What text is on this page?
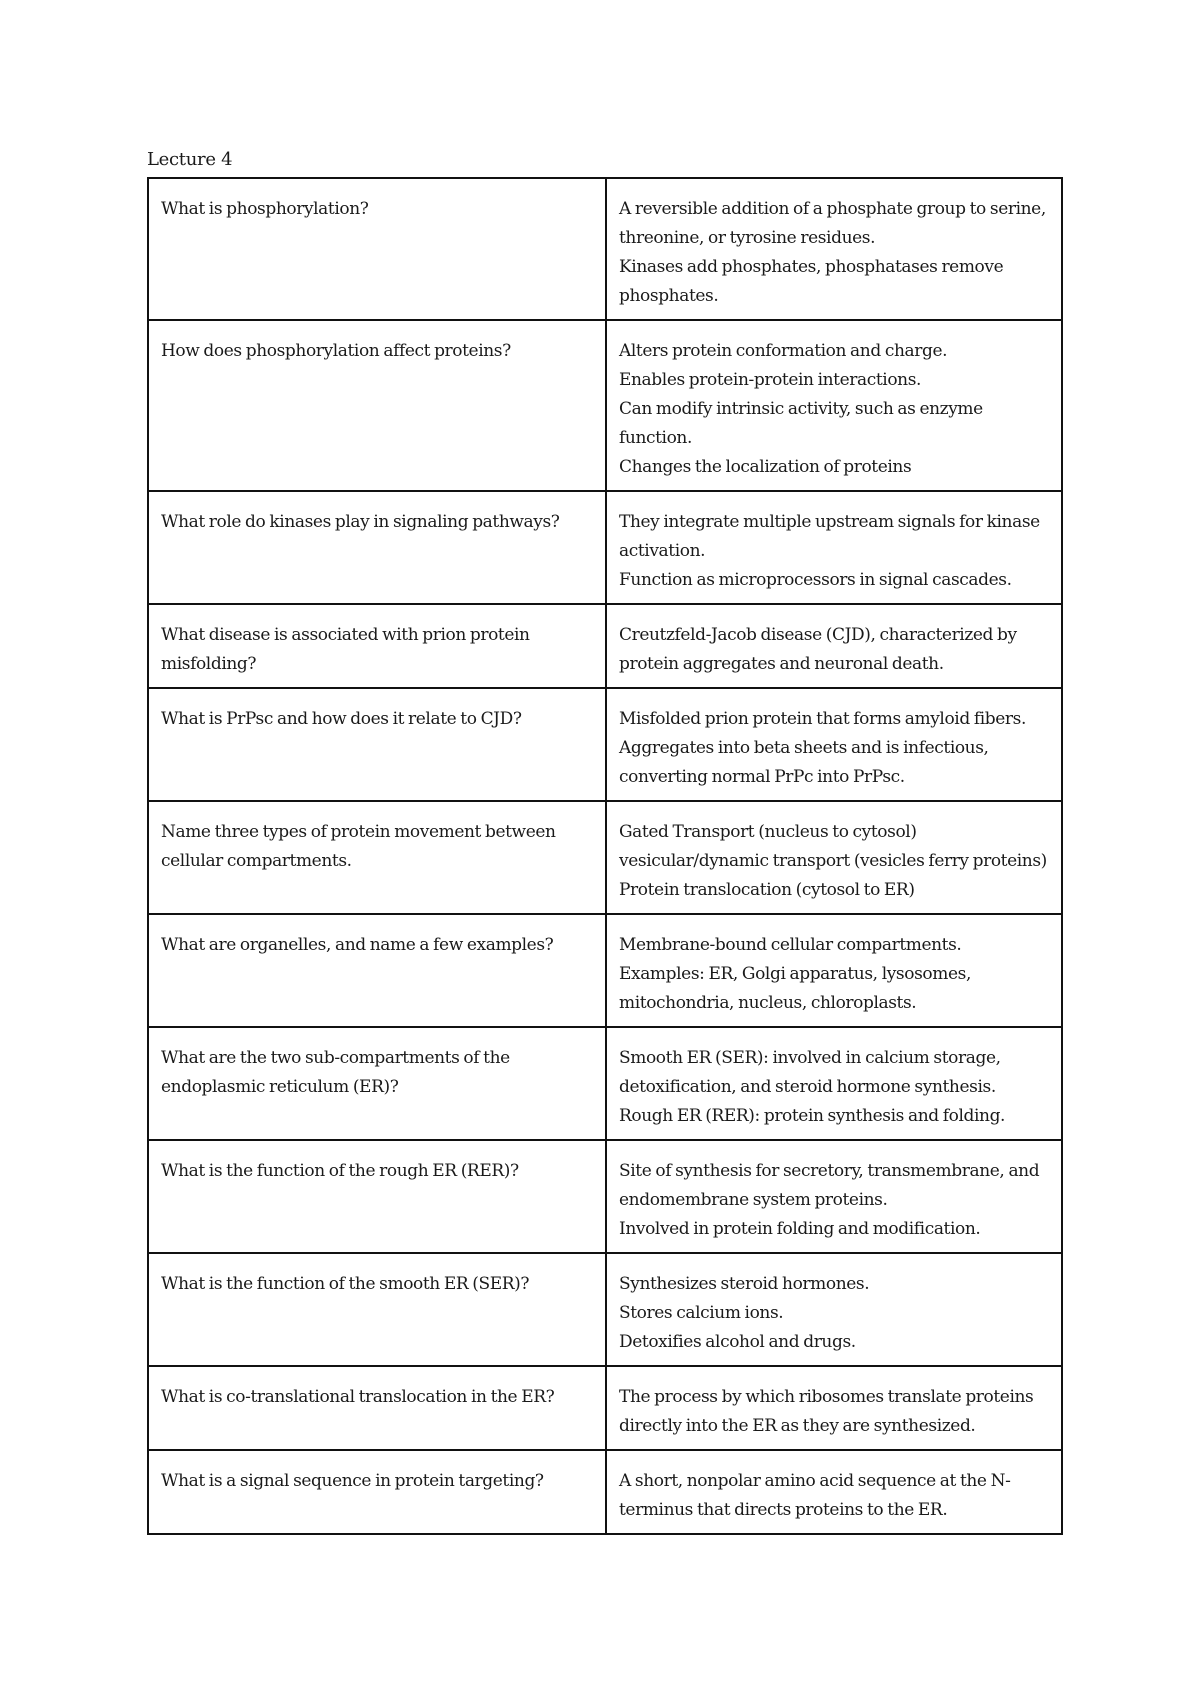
Lecture 4
What is phosphorylation?	A reversible addition of a phosphate group to serine, threonine, or tyrosine residues.
Kinases add phosphates, phosphatases remove phosphates.

How does phosphorylation affect proteins?	Alters protein conformation and charge.
Enables protein-protein interactions.
Can modify intrinsic activity, such as enzyme function.
Changes the localization of proteins

What role do kinases play in signaling pathways?	They integrate multiple upstream signals for kinase activation.
Function as microprocessors in signal cascades.

What disease is associated with prion protein misfolding?	Creutzfeld-Jacob disease (CJD), characterized by protein aggregates and neuronal death.

What is PrPsc and how does it relate to CJD?	Misfolded prion protein that forms amyloid fibers.
Aggregates into beta sheets and is infectious, converting normal PrPc into PrPsc.

Name three types of protein movement between cellular compartments.	Gated Transport (nucleus to cytosol)
vesicular/dynamic transport (vesicles ferry proteins)
Protein translocation (cytosol to ER)

What are organelles, and name a few examples?	Membrane-bound cellular compartments.
Examples: ER, Golgi apparatus, lysosomes, mitochondria, nucleus, chloroplasts.

What are the two sub-compartments of the endoplasmic reticulum (ER)?	Smooth ER (SER): involved in calcium storage, detoxification, and steroid hormone synthesis.
Rough ER (RER): protein synthesis and folding.

What is the function of the rough ER (RER)?	Site of synthesis for secretory, transmembrane, and endomembrane system proteins.
Involved in protein folding and modification.

What is the function of the smooth ER (SER)?	Synthesizes steroid hormones.
Stores calcium ions.
Detoxifies alcohol and drugs.

What is co-translational translocation in the ER?	The process by which ribosomes translate proteins directly into the ER as they are synthesized.

What is a signal sequence in protein targeting?	A short, nonpolar amino acid sequence at the N-terminus that directs proteins to the ER.
